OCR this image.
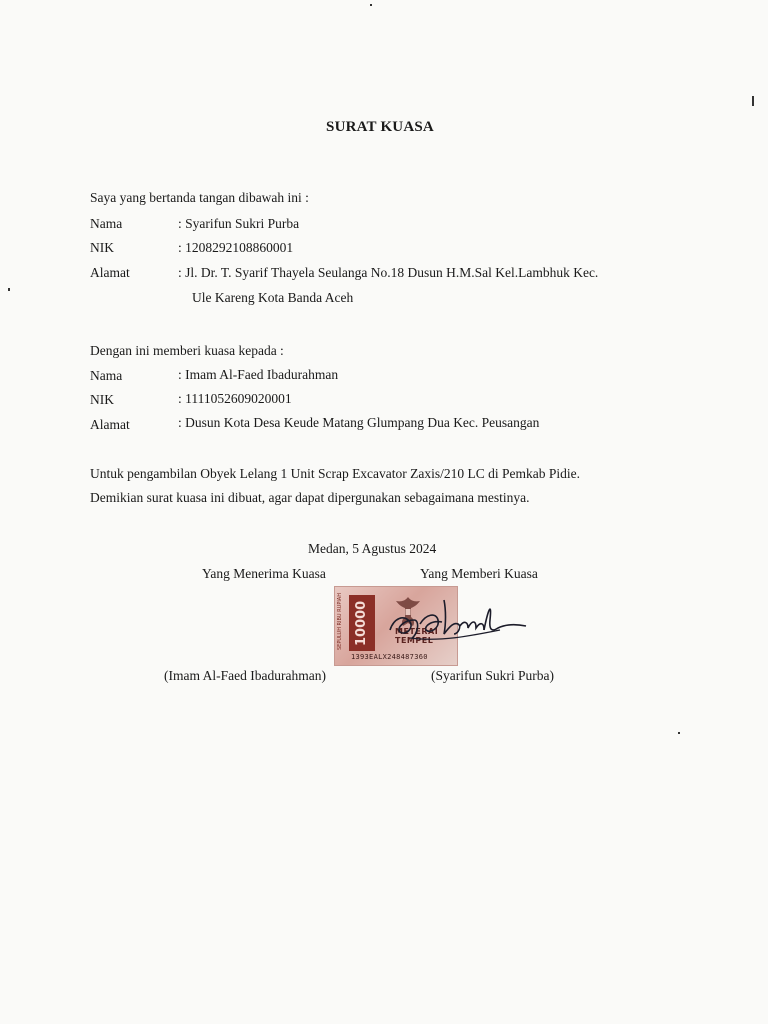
SURAT KUASA
Saya yang bertanda tangan dibawah ini :
Nama	: Syarifun Sukri Purba
NIK	: 1208292108860001
Alamat	: Jl. Dr. T. Syarif Thayela Seulanga No.18 Dusun H.M.Sal Kel.Lambhuk Kec.
Ule Kareng Kota Banda Aceh
Dengan ini memberi kuasa kepada :
Nama	: Imam Al-Faed Ibadurahman
NIK	: 1111052609020001
Alamat	: Dusun Kota Desa Keude Matang Glumpang Dua Kec. Peusangan
Untuk pengambilan Obyek Lelang 1 Unit Scrap Excavator Zaxis/210 LC di Pemkab Pidie.
Demikian surat kuasa ini dibuat, agar dapat dipergunakan sebagaimana mestinya.
Medan, 5 Agustus 2024
Yang Menerima Kuasa	Yang Memberi Kuasa
SEPULUH RIBU RUPIAH 10000	METERAI
TEMPEL
1393EALX248487360
(Imam Al-Faed Ibadurahman)	(Syarifun Sukri Purba)
